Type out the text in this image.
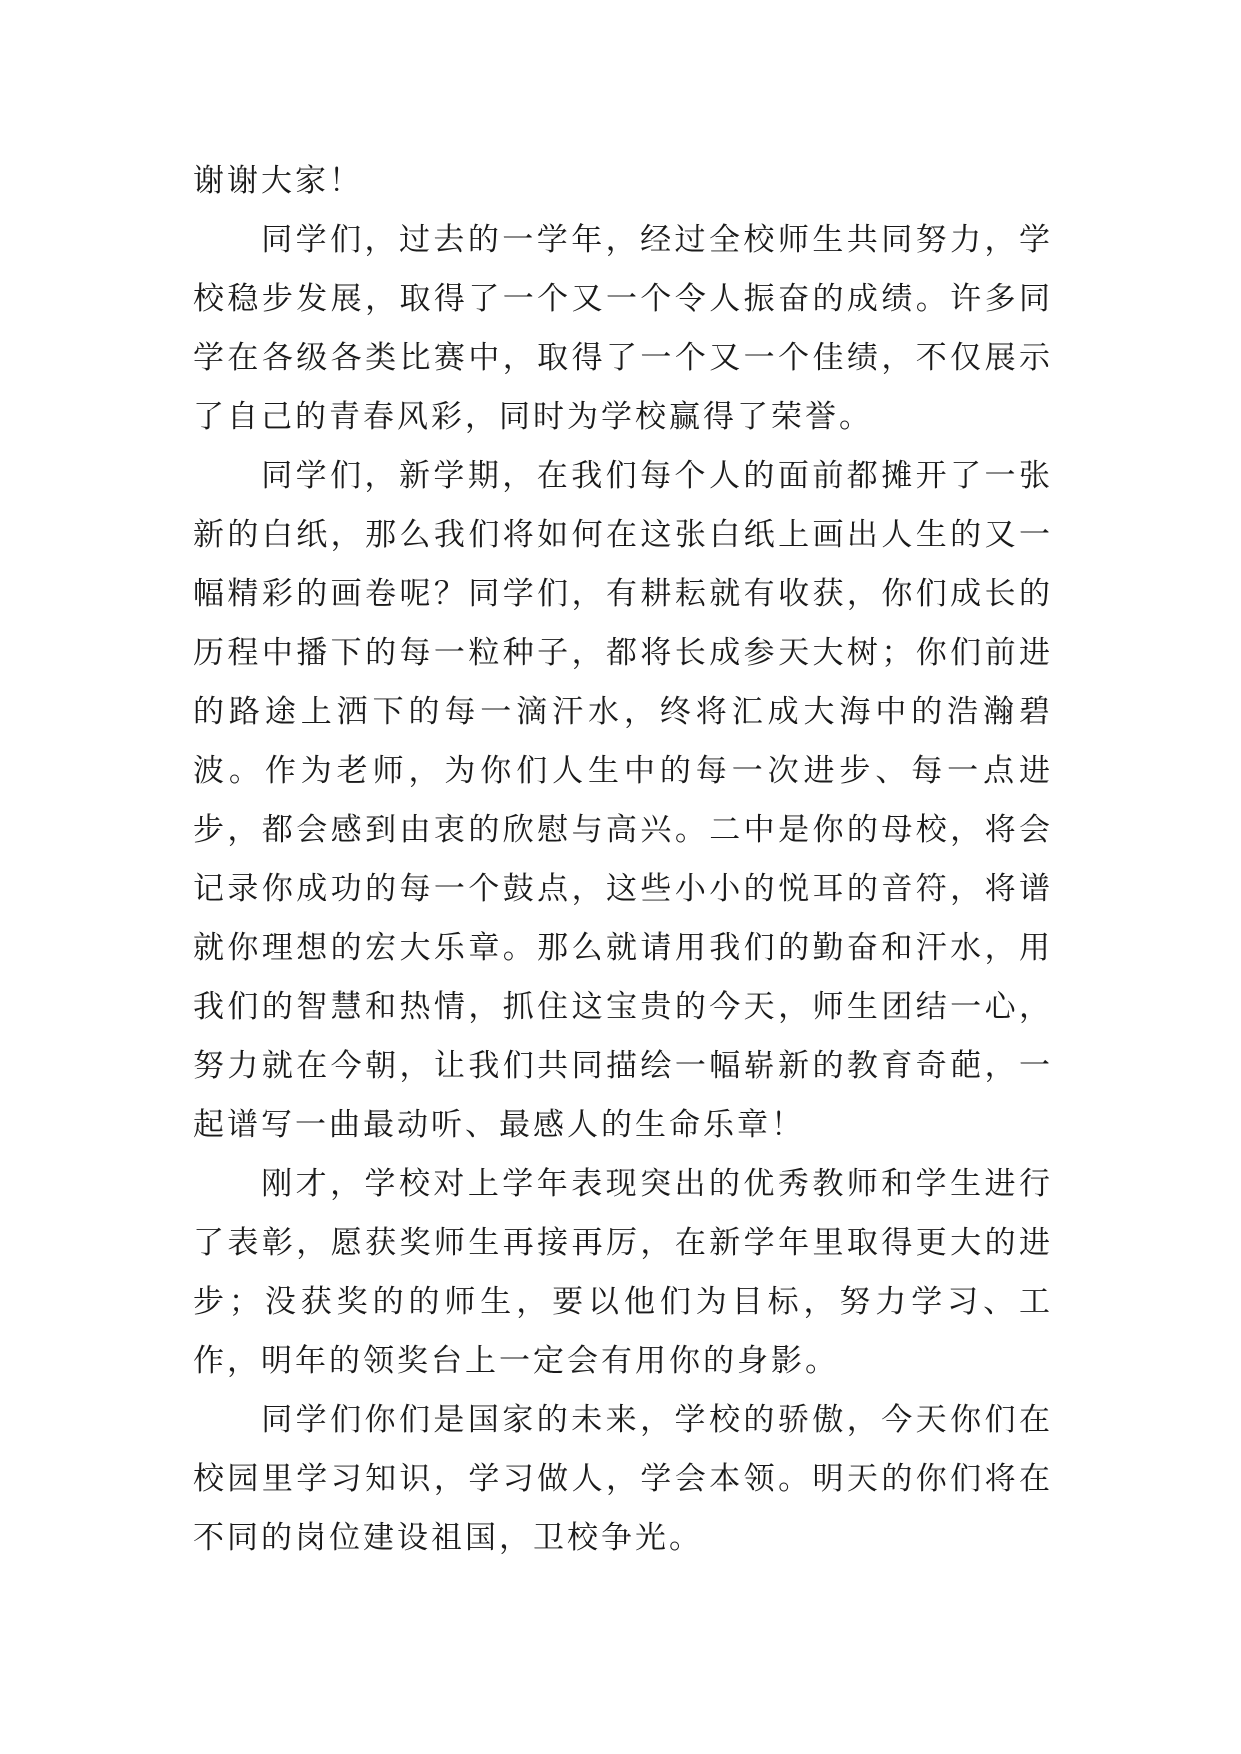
谢谢大家！

同学们，过去的一学年，经过全校师生共同努力，学校稳步发展，取得了一个又一个令人振奋的成绩。许多同学在各级各类比赛中，取得了一个又一个佳绩，不仅展示了自己的青春风彩，同时为学校赢得了荣誉。

同学们，新学期，在我们每个人的面前都摊开了一张新的白纸，那么我们将如何在这张白纸上画出人生的又一幅精彩的画卷呢？同学们，有耕耘就有收获，你们成长的历程中播下的每一粒种子，都将长成参天大树；你们前进的路途上洒下的每一滴汗水，终将汇成大海中的浩瀚碧波。作为老师，为你们人生中的每一次进步、每一点进步，都会感到由衷的欣慰与高兴。二中是你的母校，将会记录你成功的每一个鼓点，这些小小的悦耳的音符，将谱就你理想的宏大乐章。那么就请用我们的勤奋和汗水，用我们的智慧和热情，抓住这宝贵的今天，师生团结一心，努力就在今朝，让我们共同描绘一幅崭新的教育奇葩，一起谱写一曲最动听、最感人的生命乐章！

刚才，学校对上学年表现突出的优秀教师和学生进行了表彰，愿获奖师生再接再厉，在新学年里取得更大的进步；没获奖的的师生，要以他们为目标，努力学习、工作，明年的领奖台上一定会有用你的身影。

同学们你们是国家的未来，学校的骄傲，今天你们在校园里学习知识，学习做人，学会本领。明天的你们将在不同的岗位建设祖国，卫校争光。
